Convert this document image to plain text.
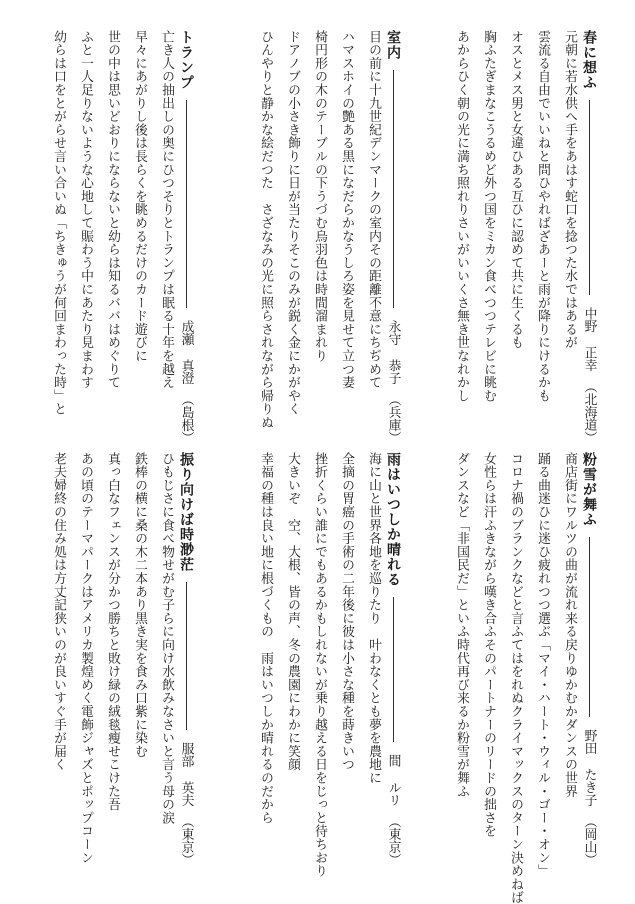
春に想ふ
中野
正幸
（北海道）
元朝に若水供へ手をあはす蛇口を捻つた水ではあるが
雲流る自由でいいねと問ひやればざあーと雨が降りにけるかも
オスとメス男と女違ひある互ひに認めて共に生くるも
胸ふたぎまなこうるめど外つ国をミカン食べつつテレビに眺む
あからひく朝の光に満ち照れりさいがいいくさ無き世なれかし
室内
永守
恭子
（兵庫）
目の前に十九世紀デンマークの室内その距離不意にちぢめて
ハマスホイの艶ある黒になだらかなうしろ姿を見せて立つ妻
椅円形の木のテーブルの下うづむ烏羽色は時間溜まれり
ドアノブの小さき飾りに日が当たりそこのみが鋭く金にかがやく
ひんやりと静かな絵だつた　さざなみの光に照らされながら帰りぬ
トランプ
成瀬
真澄
（島根）
亡き人の抽出しの奥にひつそりとトランプは眠る十年を越え
早々にあがりし後は長らくを眺めるだけのカード遊びに
世の中は思いどおりにならないと幼らは知るババはめぐりて
ふと一人足りないような心地して賑わう中にあたり見まわす
幼らは口をとがらせ言い合いぬ「ちきゅうが何回まわった時」と
粉雪が舞ふ
野田
たき子
（岡山）
商店街にワルツの曲が流れ来る戻りゆかむかダンスの世界
踊る曲迷ひに迷ひ疲れつつ選ぶ「マイ・ハート・ウィル・ゴー・オン」
コロナ禍のブランクなどと言ふてはをれぬクライマックスのターン決めねば
女性らは汗ふきながら嘆き合ふそのパートナーのリードの拙さを
ダンスなど「非国民だ」といふ時代再び来るか粉雪が舞ふ
雨はいつしか晴れる
間
ルリ
（東京）
海に山と世界各地を巡りたり　叶わなくとも夢を農地に
全摘の胃癌の手術の二年後に彼は小さな種を蒔きいつ
挫折くらい誰にでもあるかもしれないが乗り越える日をじっと待ちおり
大きいぞ　空、大根、皆の声、冬の農園にわかに笑顔
幸福の種は良い地に根づくもの　雨はいつしか晴れるのだから
振り向けば時渺茫
服部
英夫
（東京）
ひもじさに食べ物せがむ子らに向け水飲みなさいと言う母の涙
鉄棒の横に桑の木二本あり黒き実を食み口紫に染む
真っ白なフェンスが分かつ勝ちと敗け緑の絨毯瘦せこけた吾
あの頃のテーマパークはアメリカ製煌めく電飾ジャズとポップコーン
老夫婦終の住み処は方丈記狭いのが良いすぐ手が届く
